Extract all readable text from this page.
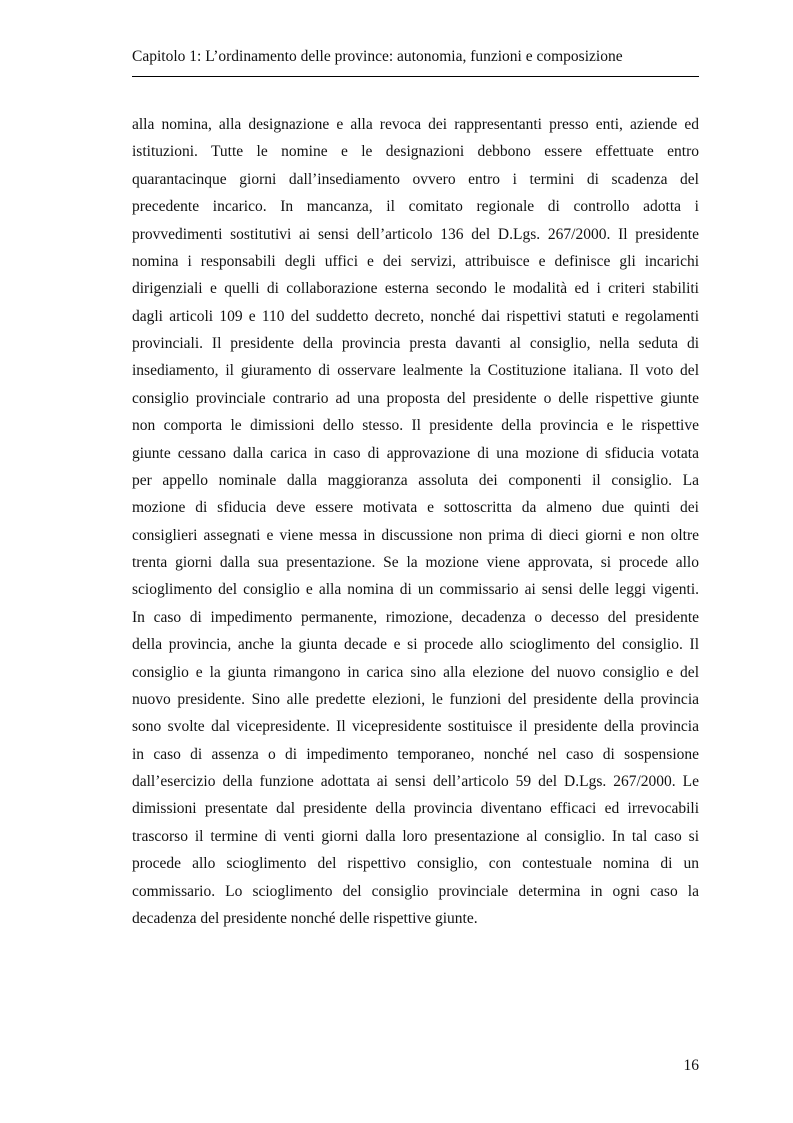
Capitolo 1: L’ordinamento delle province: autonomia, funzioni e composizione
alla nomina, alla designazione e alla revoca dei rappresentanti presso enti, aziende ed
istituzioni. Tutte le nomine e le designazioni debbono essere effettuate entro
quarantacinque giorni dall’insediamento ovvero entro i termini di scadenza del
precedente incarico. In mancanza, il comitato regionale di controllo adotta i
provvedimenti sostitutivi ai sensi dell’articolo 136 del D.Lgs. 267/2000. Il presidente
nomina i responsabili degli uffici e dei servizi, attribuisce e definisce gli incarichi
dirigenziali e quelli di collaborazione esterna secondo le modalità ed i criteri stabiliti
dagli articoli 109 e 110 del suddetto decreto, nonché dai rispettivi statuti e regolamenti
provinciali. Il presidente della provincia presta davanti al consiglio, nella seduta di
insediamento, il giuramento di osservare lealmente la Costituzione italiana. Il voto del
consiglio provinciale contrario ad una proposta del presidente o delle rispettive giunte
non comporta le dimissioni dello stesso. Il presidente della provincia e le rispettive
giunte cessano dalla carica in caso di approvazione di una mozione di sfiducia votata
per appello nominale dalla maggioranza assoluta dei componenti il consiglio. La
mozione di sfiducia deve essere motivata e sottoscritta da almeno due quinti dei
consiglieri assegnati e viene messa in discussione non prima di dieci giorni e non oltre
trenta giorni dalla sua presentazione. Se la mozione viene approvata, si procede allo
scioglimento del consiglio e alla nomina di un commissario ai sensi delle leggi vigenti.
In caso di impedimento permanente, rimozione, decadenza o decesso del presidente
della provincia, anche la giunta decade e si procede allo scioglimento del consiglio. Il
consiglio e la giunta rimangono in carica sino alla elezione del nuovo consiglio e del
nuovo presidente. Sino alle predette elezioni, le funzioni del presidente della provincia
sono svolte dal vicepresidente. Il vicepresidente sostituisce il presidente della provincia
in caso di assenza o di impedimento temporaneo, nonché nel caso di sospensione
dall’esercizio della funzione adottata ai sensi dell’articolo 59 del D.Lgs. 267/2000. Le
dimissioni presentate dal presidente della provincia diventano efficaci ed irrevocabili
trascorso il termine di venti giorni dalla loro presentazione al consiglio. In tal caso si
procede allo scioglimento del rispettivo consiglio, con contestuale nomina di un
commissario. Lo scioglimento del consiglio provinciale determina in ogni caso la
decadenza del presidente nonché delle rispettive giunte.
16
